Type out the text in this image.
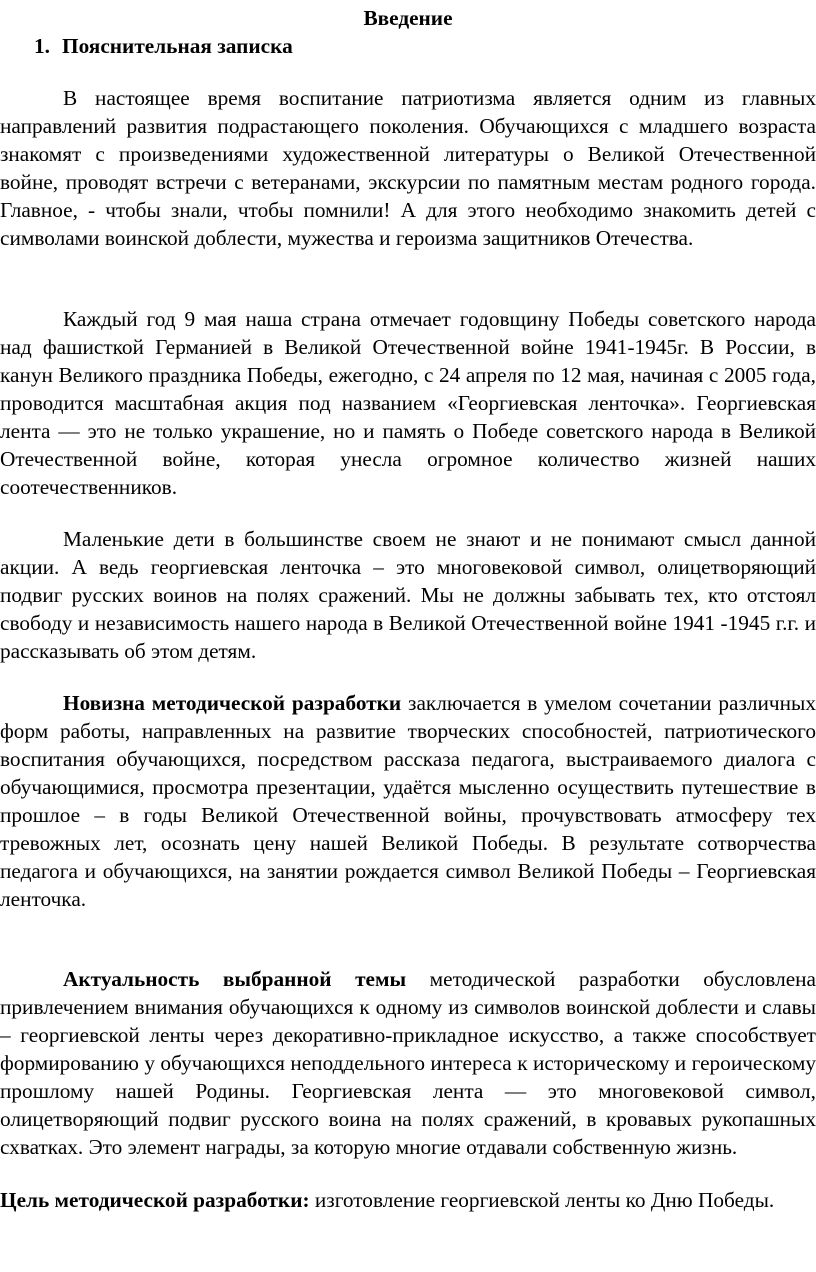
Введение
1. Пояснительная записка

В настоящее время воспитание патриотизма является одним из главных направлений развития подрастающего поколения. Обучающихся с младшего возраста знакомят с произведениями художественной литературы о Великой Отечественной войне, проводят встречи с ветеранами, экскурсии по памятным местам родного города. Главное, - чтобы знали, чтобы помнили! А для этого необходимо знакомить детей с символами воинской доблести, мужества и героизма защитников Отечества.

Каждый год 9 мая наша страна отмечает годовщину Победы советского народа над фашисткой Германией в Великой Отечественной войне 1941-1945г. В России, в канун Великого праздника Победы, ежегодно, с 24 апреля по 12 мая, начиная с 2005 года, проводится масштабная акция под названием «Георгиевская ленточка». Георгиевская лента — это не только украшение, но и память о Победе советского народа в Великой Отечественной войне, которая унесла огромное количество жизней наших соотечественников.

Маленькие дети в большинстве своем не знают и не понимают смысл данной акции. А ведь георгиевская ленточка – это многовековой символ, олицетворяющий подвиг русских воинов на полях сражений. Мы не должны забывать тех, кто отстоял свободу и независимость нашего народа в Великой Отечественной войне 1941 -1945 г.г. и рассказывать об этом детям.

Новизна методической разработки заключается в умелом сочетании различных форм работы, направленных на развитие творческих способностей, патриотического воспитания обучающихся, посредством рассказа педагога, выстраиваемого диалога с обучающимися, просмотра презентации, удаётся мысленно осуществить путешествие в прошлое – в годы Великой Отечественной войны, прочувствовать атмосферу тех тревожных лет, осознать цену нашей Великой Победы. В результате сотворчества педагога и обучающихся, на занятии рождается символ Великой Победы – Георгиевская ленточка.

Актуальность выбранной темы методической разработки обусловлена привлечением внимания обучающихся к одному из символов воинской доблести и славы – георгиевской ленты через декоративно-прикладное искусство, а также способствует формированию у обучающихся неподдельного интереса к историческому и героическому прошлому нашей Родины. Георгиевская лента — это многовековой символ, олицетворяющий подвиг русского воина на полях сражений, в кровавых рукопашных схватках. Это элемент награды, за которую многие отдавали собственную жизнь.

Цель методической разработки: изготовление георгиевской ленты ко Дню Победы.
